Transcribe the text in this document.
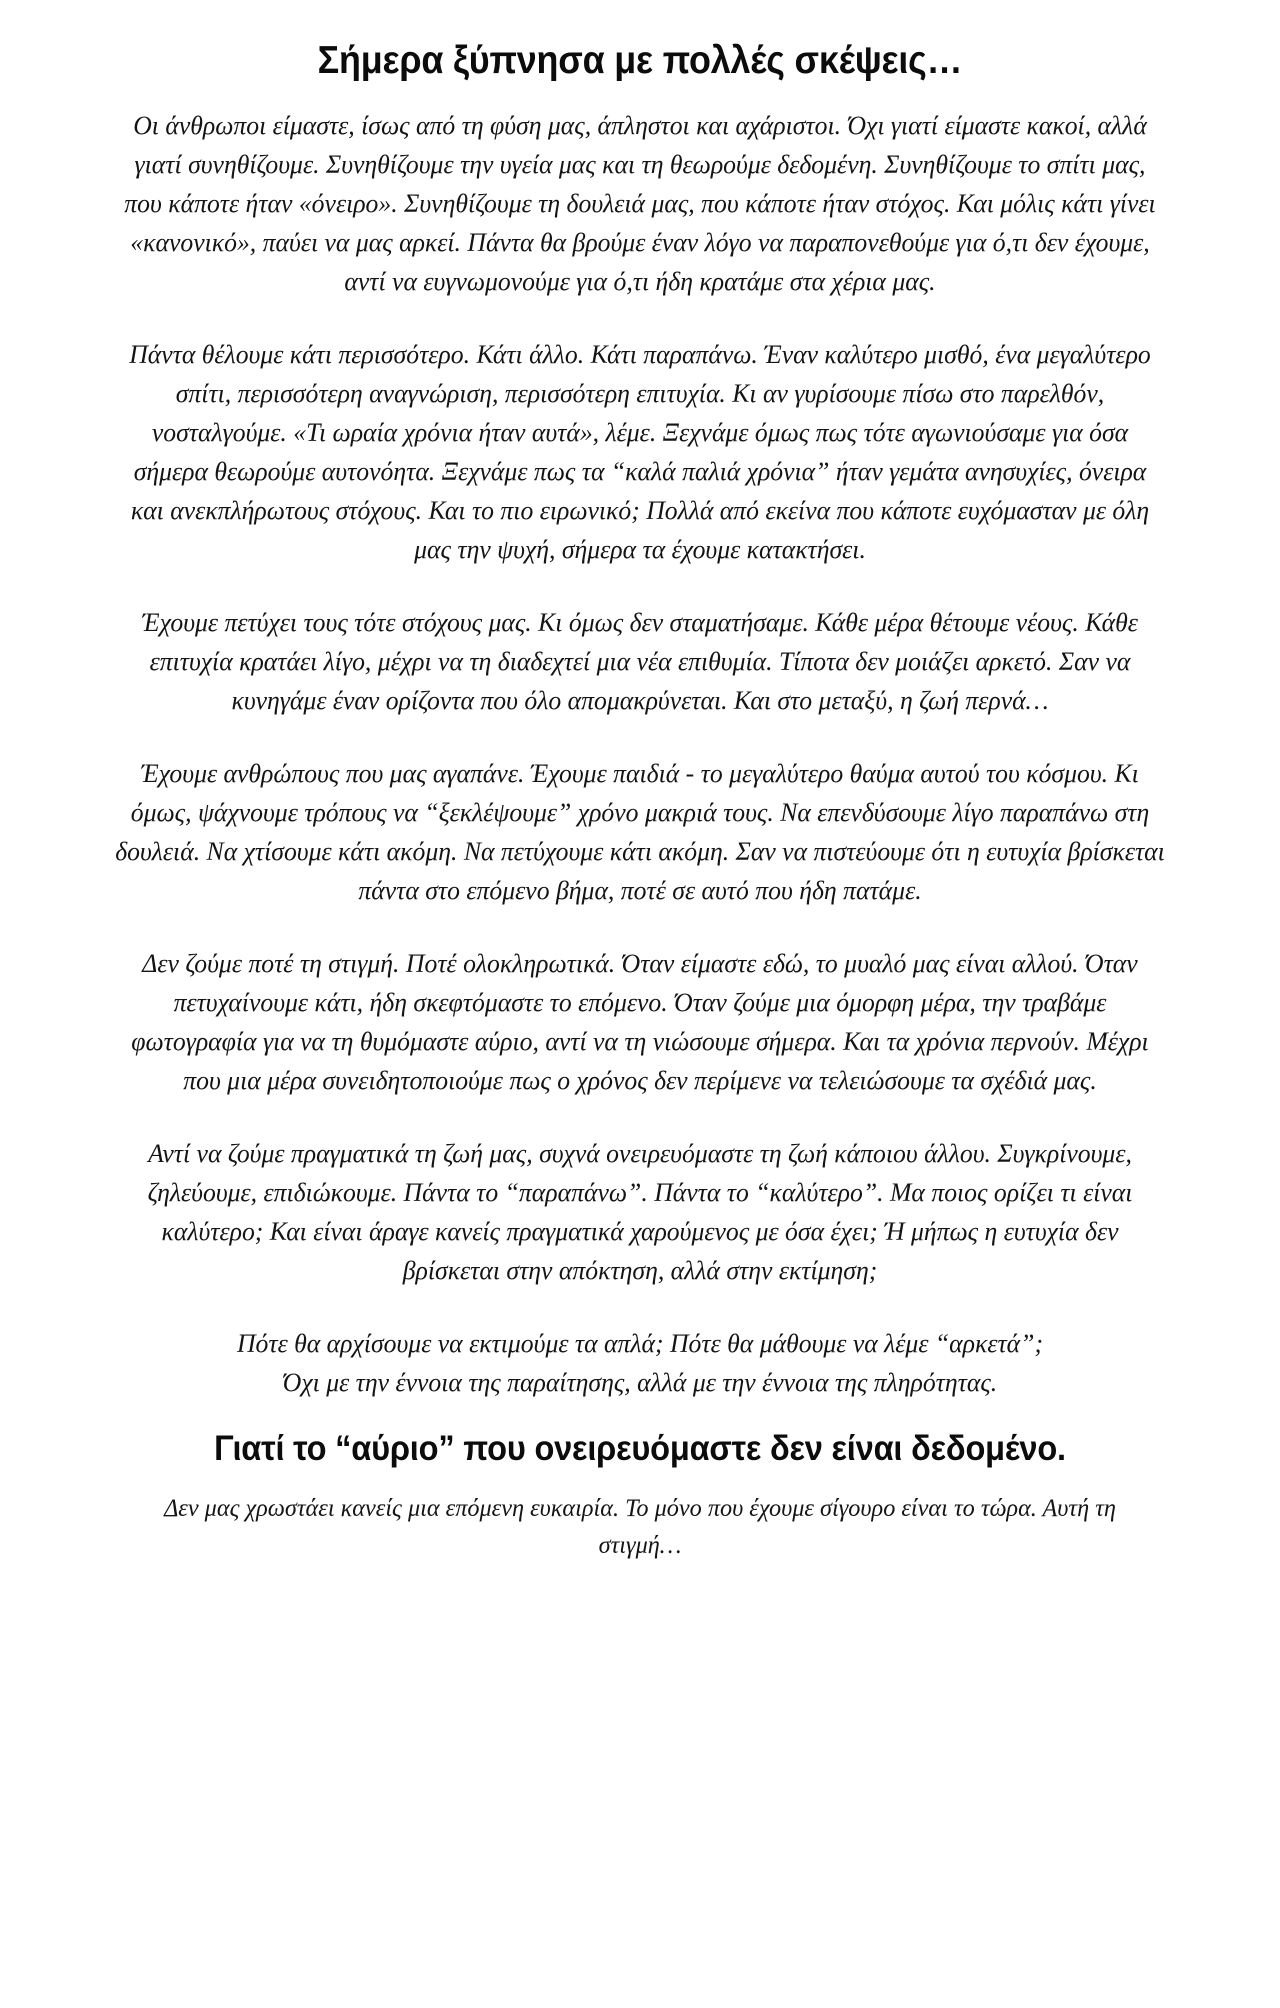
Σήμερα ξύπνησα με πολλές σκέψεις…

Οι άνθρωποι είμαστε, ίσως από τη φύση μας, άπληστοι και αχάριστοι. Όχι γιατί είμαστε κακοί, αλλά γιατί συνηθίζουμε. Συνηθίζουμε την υγεία μας και τη θεωρούμε δεδομένη. Συνηθίζουμε το σπίτι μας, που κάποτε ήταν «όνειρο». Συνηθίζουμε τη δουλειά μας, που κάποτε ήταν στόχος. Και μόλις κάτι γίνει «κανονικό», παύει να μας αρκεί. Πάντα θα βρούμε έναν λόγο να παραπονεθούμε για ό,τι δεν έχουμε, αντί να ευγνωμονούμε για ό,τι ήδη κρατάμε στα χέρια μας.

Πάντα θέλουμε κάτι περισσότερο. Κάτι άλλο. Κάτι παραπάνω. Έναν καλύτερο μισθό, ένα μεγαλύτερο σπίτι, περισσότερη αναγνώριση, περισσότερη επιτυχία. Κι αν γυρίσουμε πίσω στο παρελθόν, νοσταλγούμε. «Τι ωραία χρόνια ήταν αυτά», λέμε. Ξεχνάμε όμως πως τότε αγωνιούσαμε για όσα σήμερα θεωρούμε αυτονόητα. Ξεχνάμε πως τα “καλά παλιά χρόνια” ήταν γεμάτα ανησυχίες, όνειρα και ανεκπλήρωτους στόχους. Και το πιο ειρωνικό; Πολλά από εκείνα που κάποτε ευχόμασταν με όλη μας την ψυχή, σήμερα τα έχουμε κατακτήσει.

Έχουμε πετύχει τους τότε στόχους μας. Κι όμως δεν σταματήσαμε. Κάθε μέρα θέτουμε νέους. Κάθε επιτυχία κρατάει λίγο, μέχρι να τη διαδεχτεί μια νέα επιθυμία. Τίποτα δεν μοιάζει αρκετό. Σαν να κυνηγάμε έναν ορίζοντα που όλο απομακρύνεται. Και στο μεταξύ, η ζωή περνά…

Έχουμε ανθρώπους που μας αγαπάνε. Έχουμε παιδιά - το μεγαλύτερο θαύμα αυτού του κόσμου. Κι όμως, ψάχνουμε τρόπους να “ξεκλέψουμε” χρόνο μακριά τους. Να επενδύσουμε λίγο παραπάνω στη δουλειά. Να χτίσουμε κάτι ακόμη. Να πετύχουμε κάτι ακόμη. Σαν να πιστεύουμε ότι η ευτυχία βρίσκεται πάντα στο επόμενο βήμα, ποτέ σε αυτό που ήδη πατάμε.

Δεν ζούμε ποτέ τη στιγμή. Ποτέ ολοκληρωτικά. Όταν είμαστε εδώ, το μυαλό μας είναι αλλού. Όταν πετυχαίνουμε κάτι, ήδη σκεφτόμαστε το επόμενο. Όταν ζούμε μια όμορφη μέρα, την τραβάμε φωτογραφία για να τη θυμόμαστε αύριο, αντί να τη νιώσουμε σήμερα. Και τα χρόνια περνούν. Μέχρι που μια μέρα συνειδητοποιούμε πως ο χρόνος δεν περίμενε να τελειώσουμε τα σχέδιά μας.

Αντί να ζούμε πραγματικά τη ζωή μας, συχνά ονειρευόμαστε τη ζωή κάποιου άλλου. Συγκρίνουμε, ζηλεύουμε, επιδιώκουμε. Πάντα το “παραπάνω”. Πάντα το “καλύτερο”. Μα ποιος ορίζει τι είναι καλύτερο; Και είναι άραγε κανείς πραγματικά χαρούμενος με όσα έχει; Ή μήπως η ευτυχία δεν βρίσκεται στην απόκτηση, αλλά στην εκτίμηση;

Πότε θα αρχίσουμε να εκτιμούμε τα απλά; Πότε θα μάθουμε να λέμε “αρκετά”;
Όχι με την έννοια της παραίτησης, αλλά με την έννοια της πληρότητας.

Γιατί το “αύριο” που ονειρευόμαστε δεν είναι δεδομένο.

Δεν μας χρωστάει κανείς μια επόμενη ευκαιρία. Το μόνο που έχουμε σίγουρο είναι το τώρα. Αυτή τη στιγμή…
